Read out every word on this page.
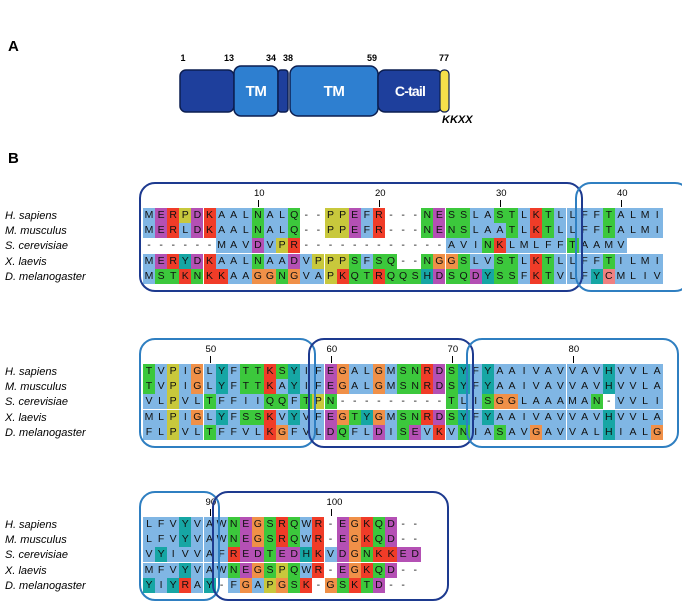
A
B
TM	TM	C-tail
1	13	34 38	59	77
KKXX
H. sapiens
M. musculus
S. cerevisiae
X. laevis
D. melanogaster
M E R P D K A A L N A L Q - - P P E F R - - - N E S S L A S T L K T L L F F T A L M I
M E R L D K A A L N A L Q - - P P E F R - - - N E N S L A A T L K T L L F F T A L M I
- - - - - - M A V D V P R - - - - - - - - - - - - A V I N K L M L F F T A A M V
M E R Y D K A A L N A A D V P P P S F S Q - - N G G S L V S T L K T L L F F T I L M I
M S T K N K K A A G G N G V A P K Q T R Q Q S H D S Q D Y S S F K T V L F Y C M L I V
10	20	30	40
H. sapiens
M. musculus
S. cerevisiae
X. laevis
D. melanogaster
T V P I G L Y F T T K S Y I F E G A L G M S N R D S Y F Y A A I V A V V A V H V V L A
T V P I G L Y F T T K A Y I F E G A L G M S N R D S Y F Y A A I V A V V A V H V V L A
V L P V L T F F I I Q Q F T P N - - - - - - - - - T L I S G G L A A A M A N - V V L I
M L P I G L Y F S S K V Y V F E G T Y G M S N R D S Y F Y A A I V A V V A V H V V L A
F L P V L T F F V L K G F V L D Q F L D I S E V K V N I A S A V G A V V A L H I A L G
50	60	70	80
H. sapiens
M. musculus
S. cerevisiae
X. laevis
D. melanogaster
L F V Y V A W N E G S R Q W R - E G K Q D - -
L F V Y V A W N E G S R Q W R - E G K Q D - -
V Y I V V A F R E D T E D H K V D G N K K E D
M F V Y V A W N E G S P Q W R - E G K Q D - -
Y I Y R A Y - F G A P G S K - G S K T D - -
90	100
